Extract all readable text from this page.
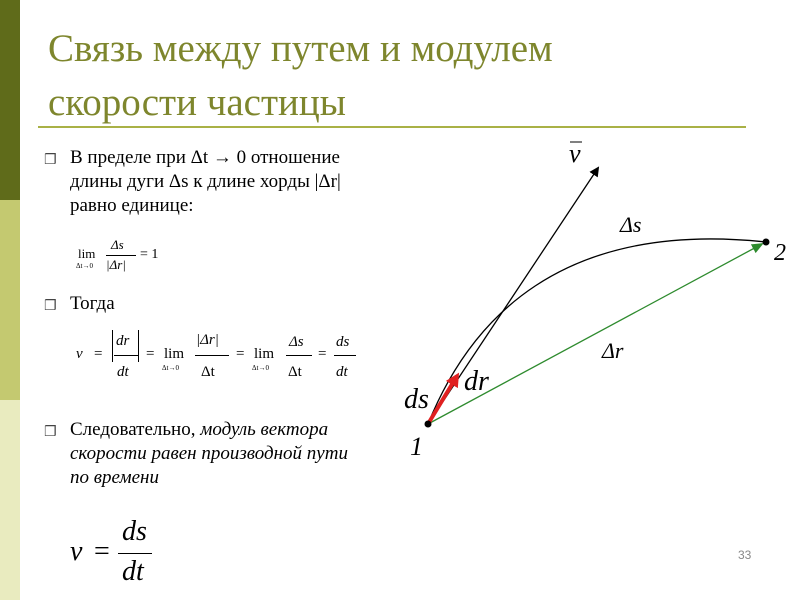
Связь между путем и модулем
скорости частицы
❒ В пределе при Δt → 0 отношение
длины дуги Δs к длине хорды |Δr|
равно единице:
lim
Δt→0
Δs
|Δr|
= 1
❒ Тогда
v =
dr
dt
= lim
Δt→0
|Δr|
Δt
= lim
Δt→0
Δs
Δt
=
ds
dt
❒ Следовательно, модуль вектора
скорости равен производной пути
по времени
v =
ds
dt
v
Δs
2
Δr
dr
ds
1
33
